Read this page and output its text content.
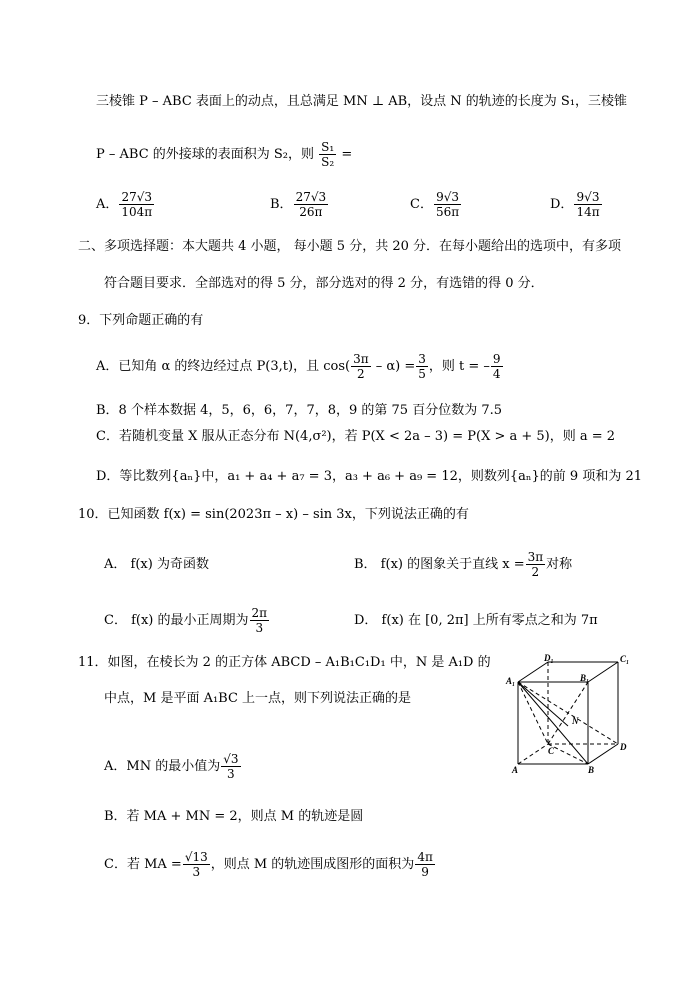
三棱锥 P – ABC 表面上的动点，且总满足 MN ⊥ AB，设点 N 的轨迹的长度为 S₁，三棱锥
P – ABC 的外接球的表面积为 S₂，则 $\frac{\text{S₁}}{\text{S₂}}$ =
A． $\frac{27√3}{104\pi}$	B． $\frac{27√3}{26\pi}$	C． $\frac{9√3}{56\pi}$	D． $\frac{9√3}{14\pi}$
二、多项选择题：本大题共 4 小题， 每小题 5 分，共 20 分．在每小题给出的选项中，有多项
符合题目要求．全部选对的得 5 分，部分选对的得 2 分，有选错的得 0 分．
9．下列命题正确的有
A．已知角 α 的终边经过点 P(3,t)，且 $\cos( \frac{3\pi}{2} - \alpha) = \frac{3}{5}$ ，则 t = – $\frac{9}{4}$
B．8 个样本数据 4，5，6，6，7，7，8，9 的第 75 百分位数为 7.5
C．若随机变量 X 服从正态分布 N(4,σ²)，若 P(X < 2a – 3) = P(X > a + 5)，则 a = 2
D．等比数列{aₙ}中，a₁ + a₄ + a₇ = 3，a₃ + a₆ + a₉ = 12，则数列{aₙ}的前 9 项和为 21
10．已知函数 f(x) = sin(2023π – x) – sin 3x，下列说法正确的有
A． f(x) 为奇函数	B． f(x) 的图象关于直线 $x = \frac{3\pi}{2}$ 对称
C． f(x) 的最小正周期为 $\frac{2\pi}{3}$	D． f(x) 在 [0, 2π] 上所有零点之和为 7π
11．如图，在棱长为 2 的正方体 ABCD – A₁B₁C₁D₁ 中，N 是 A₁D 的
中点，M 是平面 A₁BC 上一点，则下列说法正确的是
A．MN 的最小值为 $\frac{√3}{3}$
B．若 MA + MN = 2，则点 M 的轨迹是圆
C．若 MA = $\frac{√13}{3}$ ，则点 M 的轨迹围成图形的面积为 $\frac{4\pi}{9}$
D₁	C₁
A₁	B₁
N
C	D
A	B
